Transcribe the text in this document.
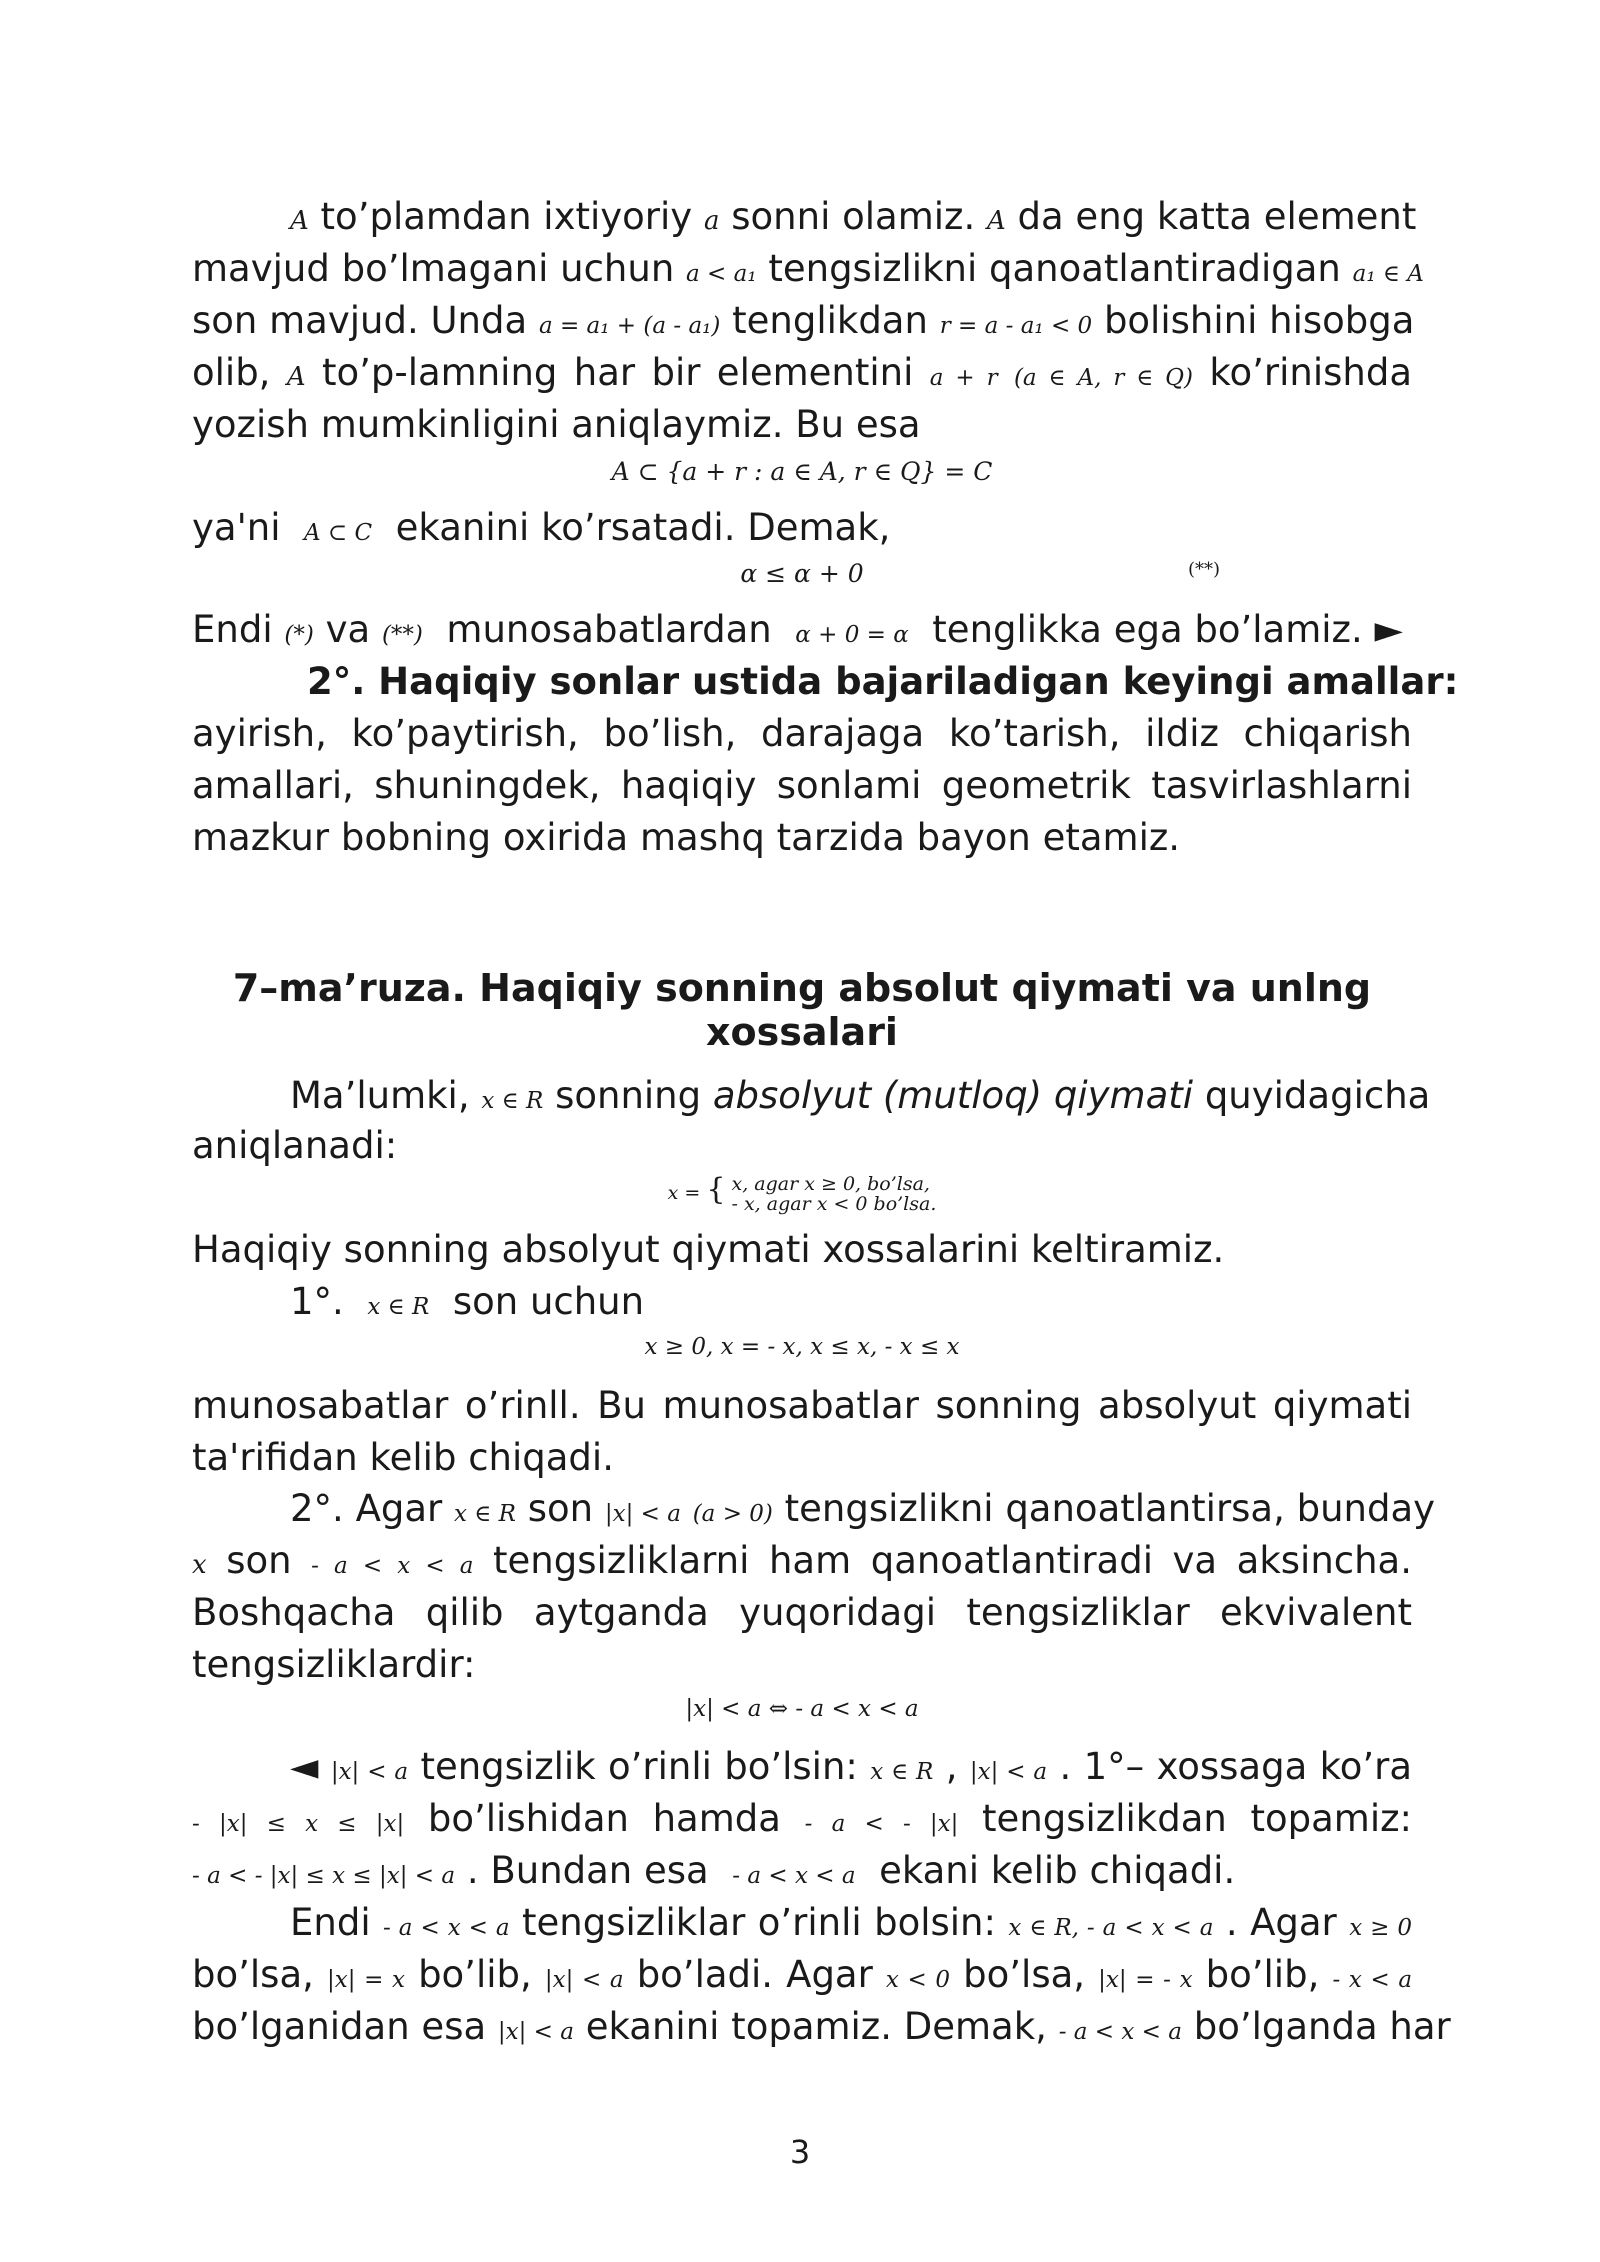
A to’plamdan ixtiyoriy a sonni olamiz. A da eng katta element
mavjud bo’lmagani uchun a < a₁ tengsizlikni qanoatlantiradigan a₁ ∈ A
son mavjud. Unda a = a₁ + (a - a₁) tenglikdan r = a - a₁ < 0 bolishini hisobga
olib, A to’p-lamning har bir elementini a + r (a ∈ A, r ∈ Q) ko’rinishda
yozish mumkinligini aniqlaymiz. Bu esa
A ⊂ {a + r : a ∈ A, r ∈ Q} = C
ya'ni A ⊂ C ekanini ko’rsatadi. Demak,
α ≤ α + 0	(**)
Endi (*) va (**) munosabatlardan α + 0 = α tenglikka ega bo’lamiz. ►
2°. Haqiqiy sonlar ustida bajariladigan keyingi amallar:
ayirish, ko’paytirish, bo’lish, darajaga ko’tarish, ildiz chiqarish
amallari, shuningdek, haqiqiy sonlami geometrik tasvirlashlarni
mazkur bobning oxirida mashq tarzida bayon etamiz.
7–ma’ruza. Haqiqiy sonning absolut qiymati va unlng xossalari
Ma’lumki, x ∈ R sonning absolyut (mutloq) qiymati quyidagicha
aniqlanadi:
x = { x, agar x ≥ 0, bo’lsa,
- x, agar x < 0 bo’lsa.
Haqiqiy sonning absolyut qiymati xossalarini keltiramiz.
1°. x ∈ R son uchun
x ≥ 0, x = - x, x ≤ x, - x ≤ x
munosabatlar o’rinll. Bu munosabatlar sonning absolyut qiymati
ta'rifidan kelib chiqadi.
2°. Agar x ∈ R son |x| < a (a > 0) tengsizlikni qanoatlantirsa, bunday
x son - a < x < a tengsizliklarni ham qanoatlantiradi va aksincha.
Boshqacha qilib aytganda yuqoridagi tengsizliklar ekvivalent
tengsizliklardir:
|x| < a ⇔ - a < x < a
◄ |x| < a tengsizlik o’rinli bo’lsin: x ∈ R , |x| < a . 1°– xossaga ko’ra
- |x| ≤ x ≤ |x| bo’lishidan hamda - a < - |x| tengsizlikdan topamiz:
- a < - |x| ≤ x ≤ |x| < a . Bundan esa - a < x < a ekani kelib chiqadi.
Endi - a < x < a tengsizliklar o’rinli bolsin: x ∈ R, - a < x < a . Agar x ≥ 0
bo’lsa, |x| = x bo’lib, |x| < a bo’ladi. Agar x < 0 bo’lsa, |x| = - x bo’lib, - x < a
bo’lganidan esa |x| < a ekanini topamiz. Demak, - a < x < a bo’lganda har
3
